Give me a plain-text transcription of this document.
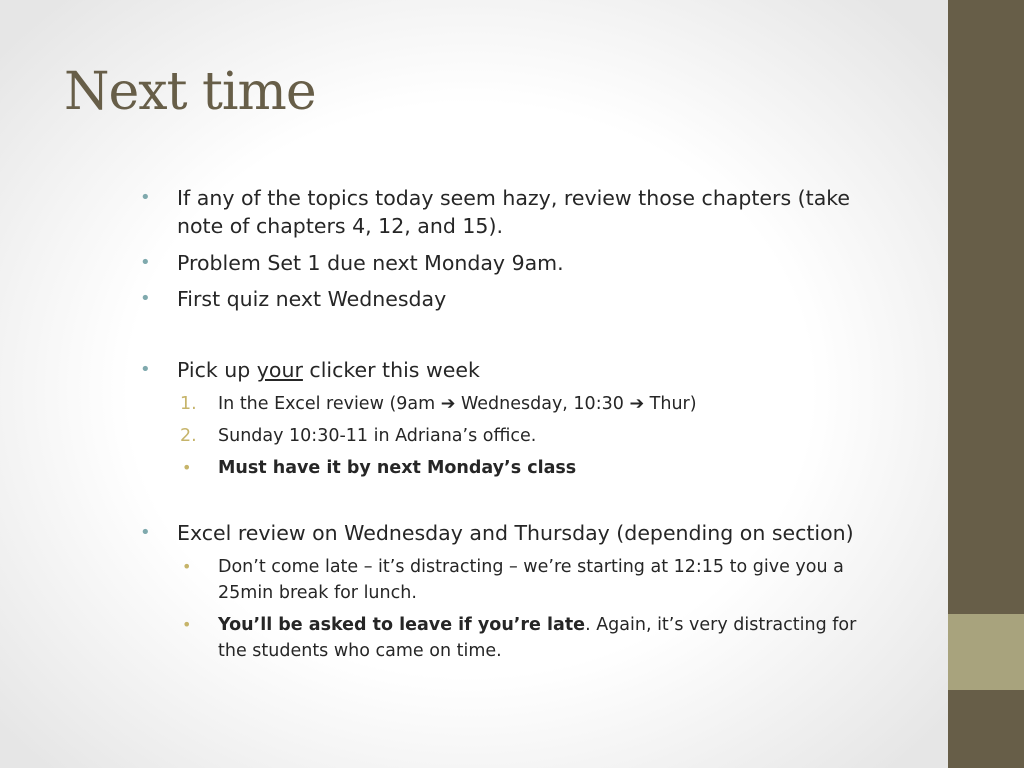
Next time
• If any of the topics today seem hazy, review those chapters (take note of chapters 4, 12, and 15).
• Problem Set 1 due next Monday 9am.
• First quiz next Wednesday
• Pick up your clicker this week
1. In the Excel review (9am ➔ Wednesday, 10:30 ➔ Thur)
2. Sunday 10:30-11 in Adriana’s office.
• Must have it by next Monday’s class
• Excel review on Wednesday and Thursday (depending on section)
• Don’t come late – it’s distracting – we’re starting at 12:15 to give you a 25min break for lunch.
• You’ll be asked to leave if you’re late. Again, it’s very distracting for the students who came on time.
